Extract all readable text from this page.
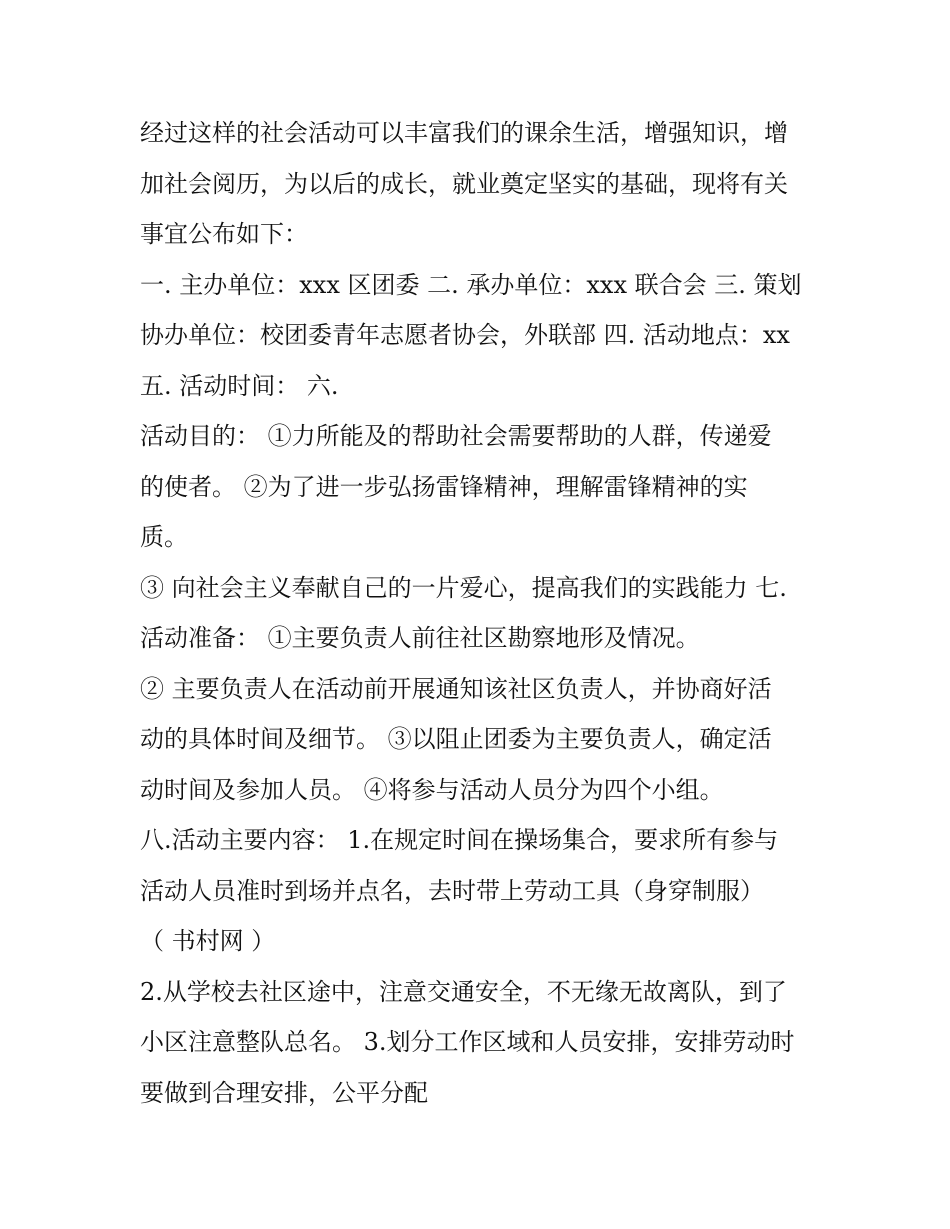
经过这样的社会活动可以丰富我们的课余生活，增强知识，增
加社会阅历，为以后的成长，就业奠定坚实的基础，现将有关
事宜公布如下：
一. 主办单位：xxx 区团委 二. 承办单位：xxx 联合会 三. 策划
协办单位：校团委青年志愿者协会，外联部 四. 活动地点：xx
五. 活动时间： 六.
活动目的： ①力所能及的帮助社会需要帮助的人群，传递爱
的使者。 ②为了进一步弘扬雷锋精神，理解雷锋精神的实
质。
③ 向社会主义奉献自己的一片爱心，提高我们的实践能力 七.
活动准备： ①主要负责人前往社区勘察地形及情况。
② 主要负责人在活动前开展通知该社区负责人，并协商好活
动的具体时间及细节。 ③以阻止团委为主要负责人，确定活
动时间及参加人员。 ④将参与活动人员分为四个小组。
八.活动主要内容： 1.在规定时间在操场集合，要求所有参与
活动人员准时到场并点名，去时带上劳动工具（身穿制服）
（ 书村网 ）
2.从学校去社区途中，注意交通安全，不无缘无故离队，到了
小区注意整队总名。 3.划分工作区域和人员安排，安排劳动时
要做到合理安排，公平分配
